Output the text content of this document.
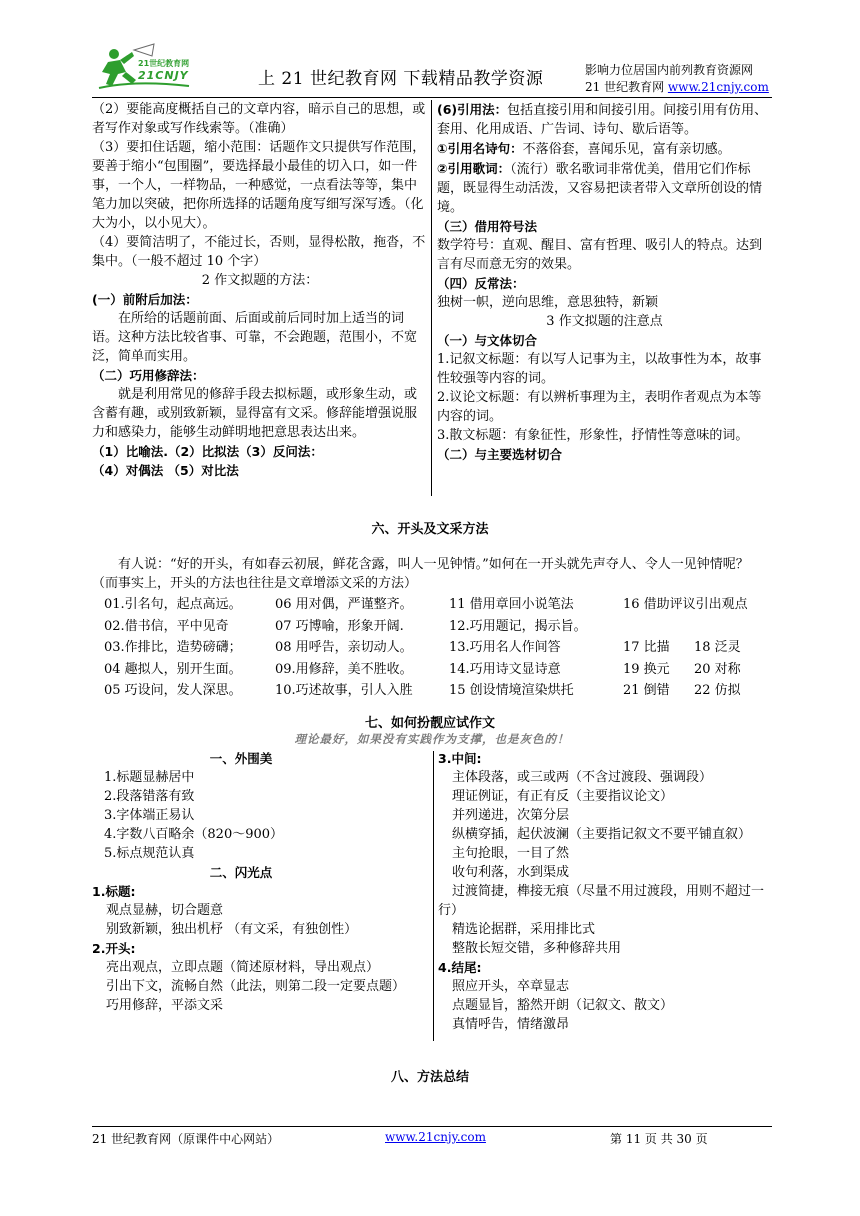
21世纪教育网
21CNJY	上 21 世纪教育网 下载精品教学资源	影响力位居国内前列教育资源网
21 世纪教育网 www.21cnjy.com

（2）要能高度概括自己的文章内容，暗示自己的思想，或者写作对象或写作线索等。（准确）

（3）要扣住话题，缩小范围：话题作文只提供写作范围，要善于缩小“包围圈”，要选择最小最佳的切入口，如一件事，一个人，一样物品，一种感觉，一点看法等等，集中笔力加以突破，把你所选择的话题角度写细写深写透。（化大为小，以小见大）。

（4）要简洁明了，不能过长，否则，显得松散，拖沓，不集中。（一般不超过 10 个字）

2 作文拟题的方法：

(一）前附后加法：

在所给的话题前面、后面或前后同时加上适当的词语。这种方法比较省事、可靠，不会跑题，范围小，不宽泛，简单而实用。

（二）巧用修辞法：

就是利用常见的修辞手段去拟标题，或形象生动，或含蓄有趣，或别致新颖，显得富有文采。修辞能增强说服力和感染力，能够生动鲜明地把意思表达出来。

（1）比喻法.（2）比拟法（3）反问法：

（4）对偶法 （5）对比法

(6)引用法：包括直接引用和间接引用。间接引用有仿用、套用、化用成语、广告词、诗句、歇后语等。

①引用名诗句：不落俗套，喜闻乐见，富有亲切感。

②引用歌词：（流行）歌名歌词非常优美，借用它们作标题，既显得生动活泼，又容易把读者带入文章所创设的情境。

（三）借用符号法

数学符号：直观、醒目、富有哲理、吸引人的特点。达到言有尽而意无穷的效果。

（四）反常法：

独树一帜，逆向思维，意思独特，新颖

3 作文拟题的注意点

（一）与文体切合

1.记叙文标题：有以写人记事为主，以故事性为本，故事性较强等内容的词。

2.议论文标题：有以辨析事理为主，表明作者观点为本等内容的词。

3.散文标题：有象征性，形象性，抒情性等意味的词。

（二）与主要选材切合

六、开头及文采方法
有人说：“好的开头，有如春云初展，鲜花含露，叫人一见钟情。”如何在一开头就先声夺人、令人一见钟情呢？（而事实上，开头的方法也往往是文章增添文采的方法）
01.引名句，起点高远。	06 用对偶，严谨整齐。	11 借用章回小说笔法	16 借助评议引出观点
02.借书信，平中见奇	07 巧博喻，形象开阔.	12.巧用题记，揭示旨。
03.作排比，造势磅礴；	08 用呼告，亲切动人。	13.巧用名人作间答	17 比描 18 泛灵
04 趣拟人，别开生面。	09.用修辞，美不胜收。	14.巧用诗文显诗意	19 换元 20 对称
05 巧设问，发人深思。	10.巧述故事，引人入胜	15 创设情境渲染烘托	21 倒错 22 仿拟
七、如何扮靓应试作文
理论最好，如果没有实践作为支撑，也是灰色的！

一、外围美

1.标题显赫居中

2.段落错落有致

3.字体端正易认

4.字数八百略余（820～900）

5.标点规范认真

二、闪光点

1.标题:

观点显赫，切合题意

别致新颖，独出机杼 （有文采，有独创性）

2.开头:

亮出观点，立即点题（简述原材料，导出观点）

引出下文，流畅自然（此法，则第二段一定要点题）

巧用修辞，平添文采

3.中间:

主体段落，或三或两（不含过渡段、强调段）

理证例证，有正有反（主要指议论文）

并列递进，次第分层

纵横穿插，起伏波澜（主要指记叙文不要平铺直叙）

主句抢眼，一目了然

收句利落，水到渠成

过渡简捷，榫接无痕（尽量不用过渡段，用则不超过一行）

精选论据群，采用排比式

整散长短交错，多种修辞共用

4.结尾:

照应开头，卒章显志

点题显旨，豁然开朗（记叙文、散文）

真情呼告，情绪激昂

八、方法总结
21 世纪教育网（原课件中心网站）	www.21cnjy.com	第 11 页 共 30 页
